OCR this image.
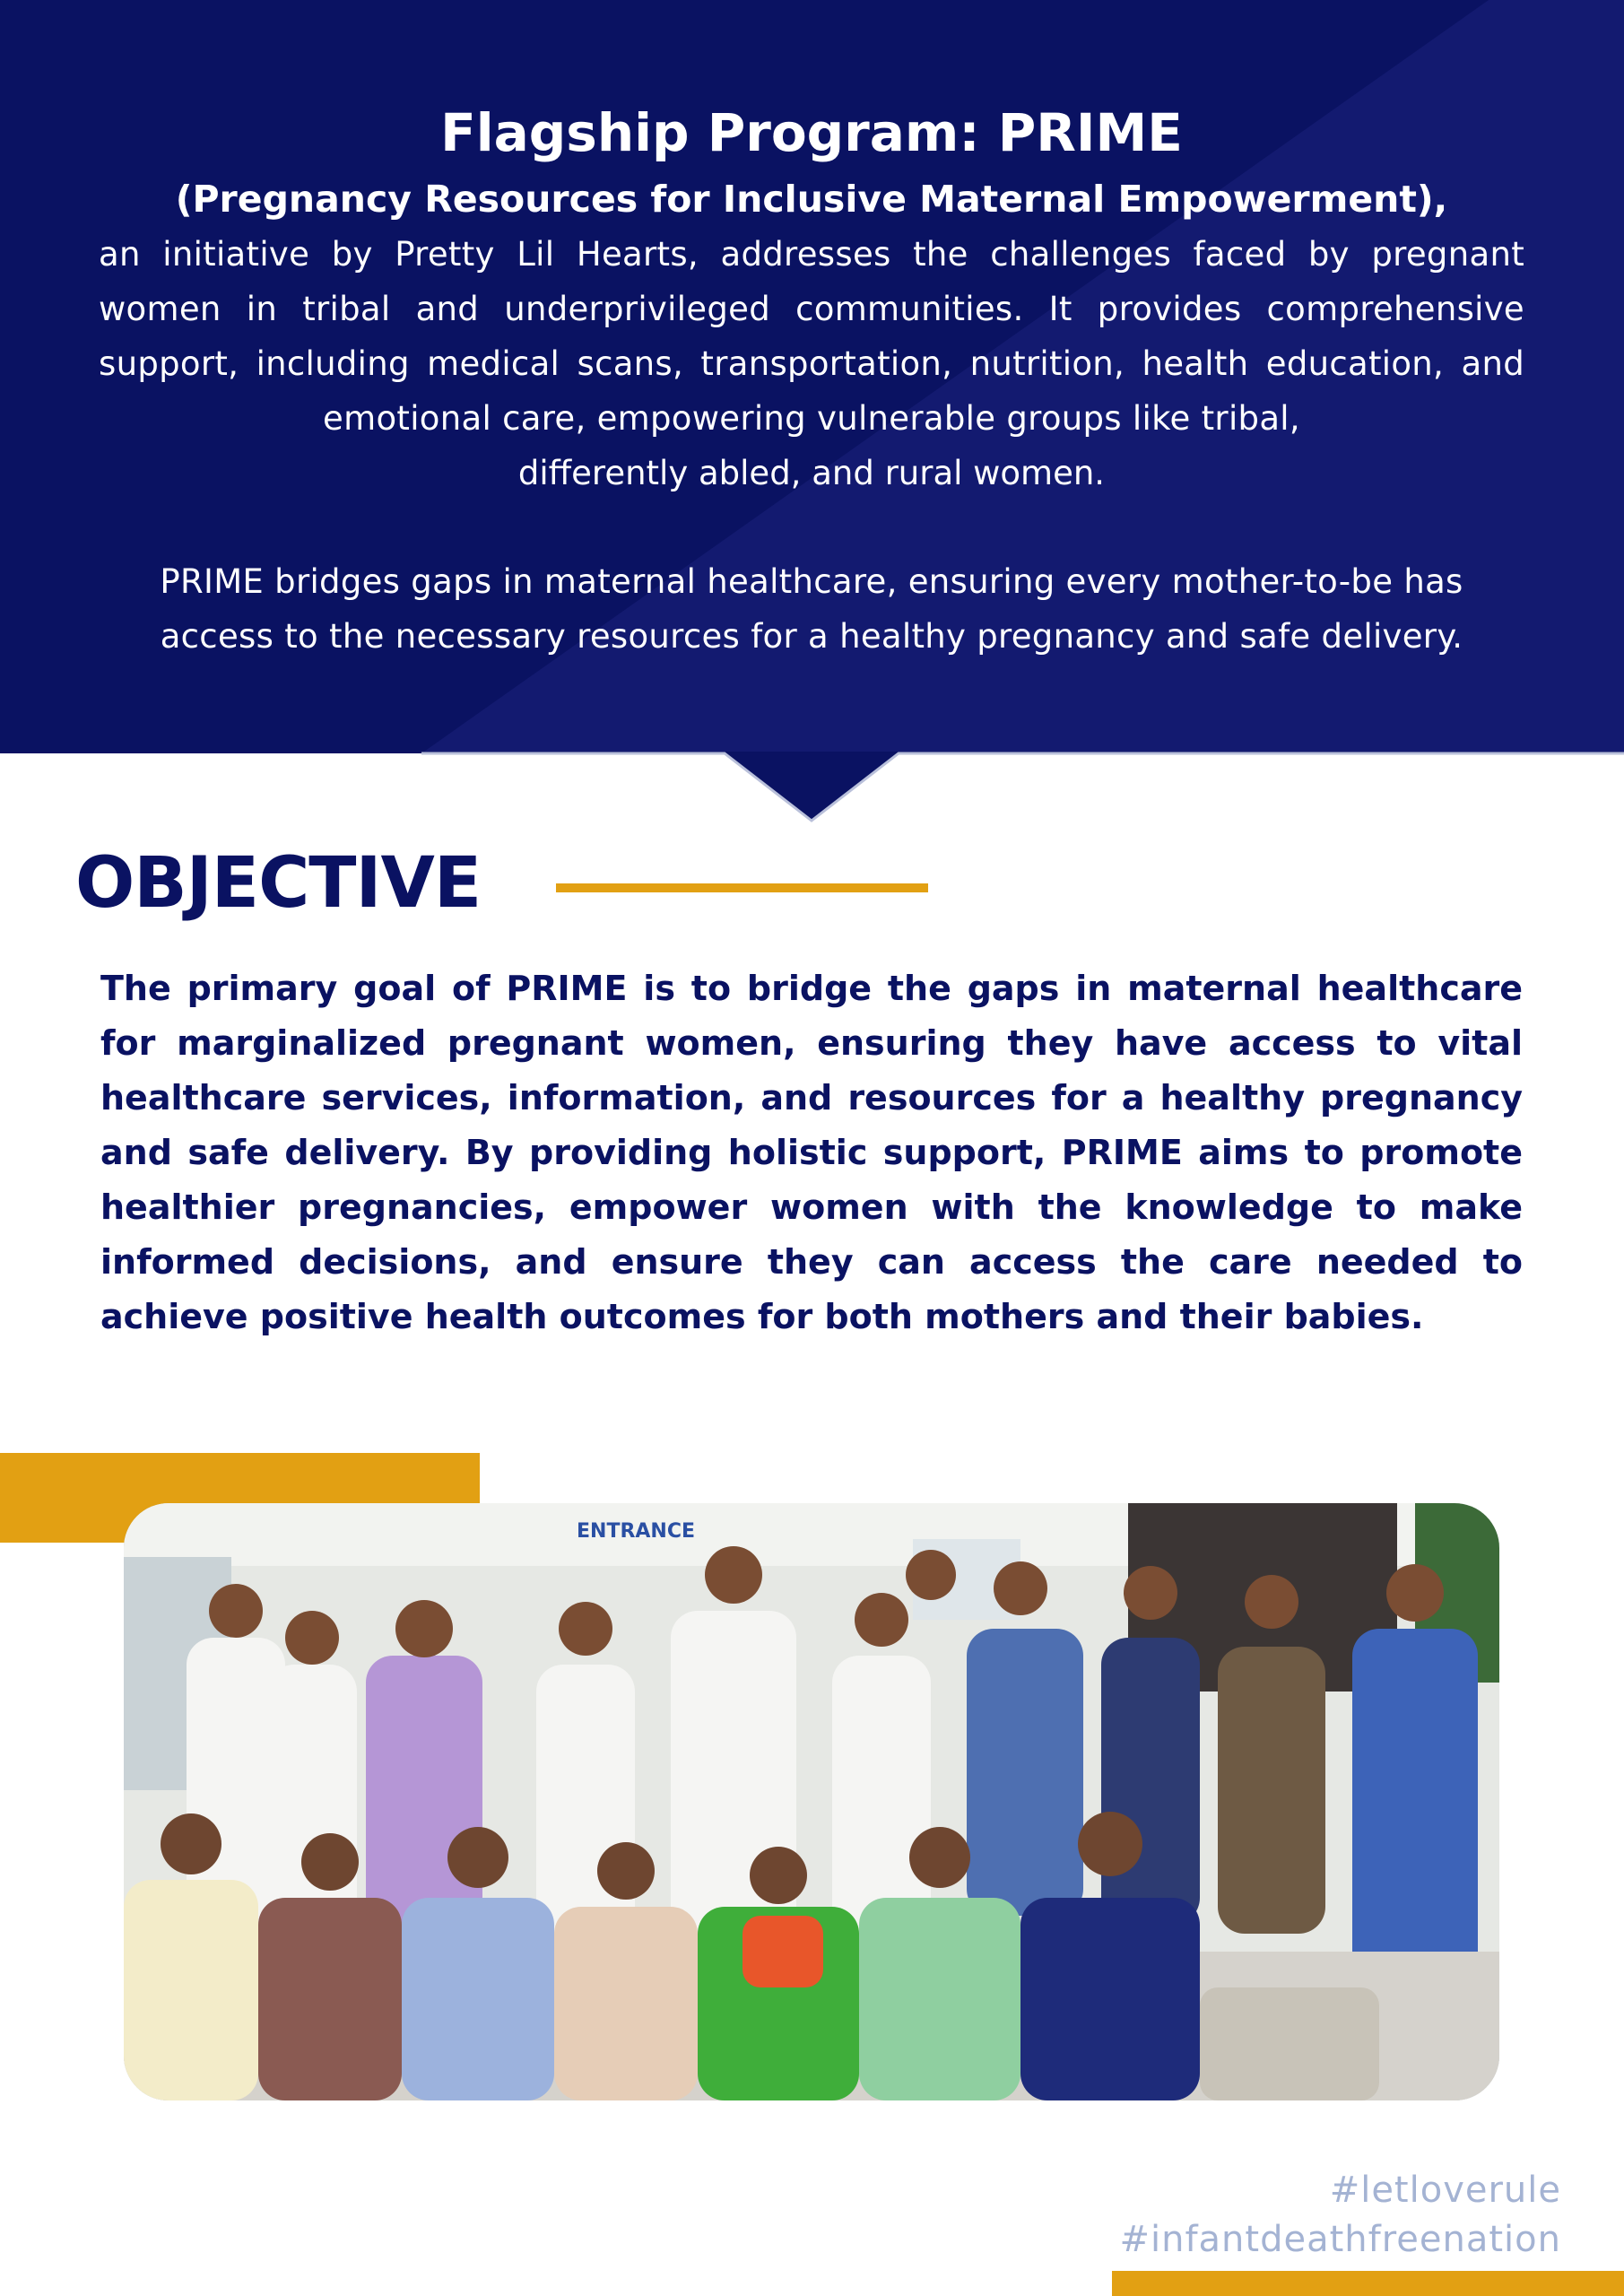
Flagship Program: PRIME

(Pregnancy Resources for Inclusive Maternal Empowerment),

an initiative by Pretty Lil Hearts, addresses the challenges faced by pregnant women in tribal and underprivileged communities. It provides comprehensive support, including medical scans, transportation, nutrition, health education, and emotional care, empowering vulnerable groups like tribal,

differently abled, and rural women.

PRIME bridges gaps in maternal healthcare, ensuring every mother-to-be has access to the necessary resources for a healthy pregnancy and safe delivery.

OBJECTIVE

The primary goal of PRIME is to bridge the gaps in maternal healthcare for marginalized pregnant women, ensuring they have access to vital healthcare services, information, and resources for a healthy pregnancy and safe delivery. By providing holistic support, PRIME aims to promote healthier pregnancies, empower women with the knowledge to make informed decisions, and ensure they can access the care needed to achieve positive health outcomes for both mothers and their babies.

ENTRANCE
#letloverule
#infantdeathfreenation
